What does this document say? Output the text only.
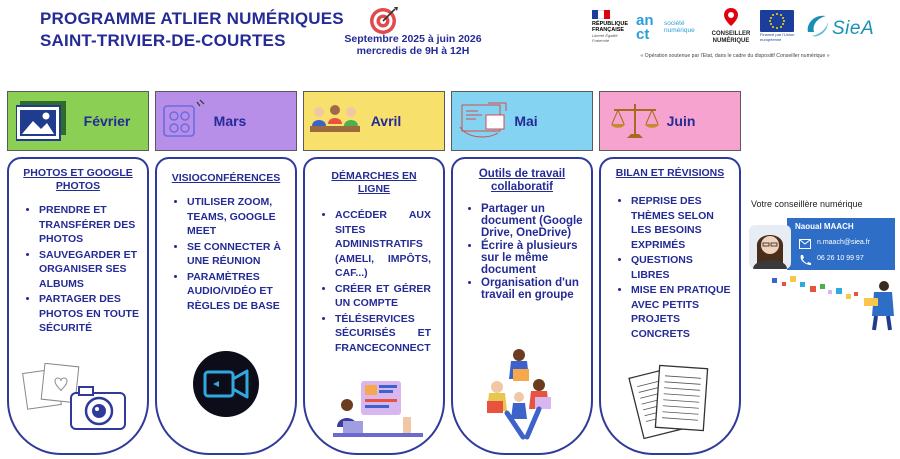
PROGRAMME ATLIER NUMÉRIQUES
SAINT-TRIVIER-DE-COURTES	Septembre 2025 à juin 2026
mercredis de 9H à 12H
RÉPUBLIQUE FRANÇAISE
Liberté Égalité Fraternité
an ct
société numérique	CONSEILLER NUMÉRIQUE
Financé par l'Union européenne	SieA
« Opération soutenue par l'Etat, dans le cadre du dispositif Conseiller numérique »
Février	Mars	Avril	Mai	Juin
PHOTOS ET GOOGLE PHOTOS
• PRENDRE ET TRANSFÉRER DES PHOTOS
• SAUVEGARDER ET ORGANISER SES ALBUMS
• PARTAGER DES PHOTOS EN TOUTE SÉCURITÉ
VISIOCONFÉRENCES
• UTILISER ZOOM, TEAMS, GOOGLE MEET
• SE CONNECTER À UNE RÉUNION
• PARAMÈTRES AUDIO/VIDÉO ET RÈGLES DE BASE
DÉMARCHES EN LIGNE
• ACCÉDER AUX SITES ADMINISTRATIFS (AMELI, IMPÔTS, CAF...)
• CRÉER ET GÉRER UN COMPTE
• TÉLÉSERVICES SÉCURISÉS ET FRANCECONNECT
Outils de travail collaboratif
• Partager un document (Google Drive, OneDrive)
• Écrire à plusieurs sur le même document
• Organisation d'un travail en groupe
BILAN ET RÉVISIONS
• REPRISE DES THÈMES SELON LES BESOINS EXPRIMÉS
• QUESTIONS LIBRES
• MISE EN PRATIQUE AVEC PETITS PROJETS CONCRETS
Votre conseillère numérique
Naoual MAACH
n.maach@siea.fr
06 26 10 99 97
